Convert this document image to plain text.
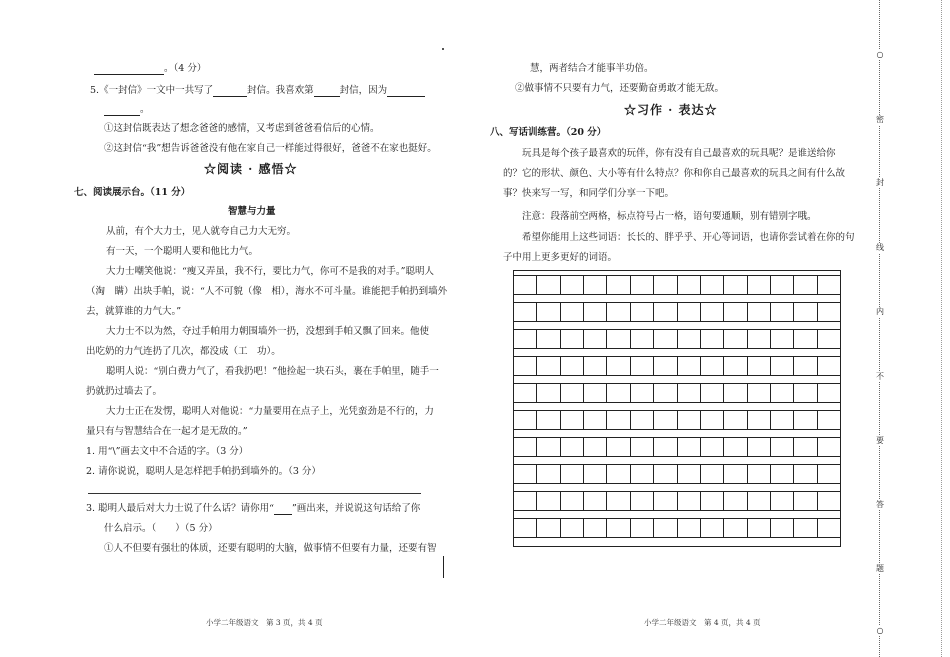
。（4 分）
5.《一封信》一文中一共写了	封信。我喜欢第	封信，因为
。
①这封信既表达了想念爸爸的感情，又考虑到爸爸看信后的心情。
②这封信“我”想告诉爸爸没有他在家自己一样能过得很好，爸爸不在家也挺好。
☆阅读 · 感悟☆
七、阅读展示台。（11 分）
智慧与力量
从前，有个大力士，见人就夸自己力大无穷。
有一天，一个聪明人要和他比力气。
大力士嘲笑他说：“瘦又弄虽，我不行，要比力气，你可不是我的对手。”聪明人
（淘　瞒）出块手帕，说：“人不可貌（像　相），海水不可斗量。谁能把手帕扔到墙外
去，就算谁的力气大。”
大力士不以为然，夺过手帕用力朝围墙外一扔，没想到手帕又飘了回来。他使
出吃奶的力气连扔了几次，都没成（工　功）。
聪明人说：“别白费力气了，看我扔吧！”他捡起一块石头，裹在手帕里，随手一
扔就扔过墙去了。
大力士正在发愣，聪明人对他说：“力量要用在点子上，光凭蛮劲是不行的，力
量只有与智慧结合在一起才是无敌的。”
1. 用“\”画去文中不合适的字。（3 分）
2. 请你说说，聪明人是怎样把手帕扔到墙外的。（3 分）
3. 聪明人最后对大力士说了什么话？请你用“ ”画出来，并说说这句话给了你
什么启示。（　　）（5 分）
①人不但要有强壮的体质，还要有聪明的大脑，做事情不但要有力量，还要有智
小学二年级语文　第 3 页，共 4 页
慧，两者结合才能事半功倍。
②做事情不只要有力气，还要勤奋勇敢才能无敌。
☆习作 · 表达☆
八、写话训练营。（20 分）
玩具是每个孩子最喜欢的玩伴，你有没有自己最喜欢的玩具呢？是谁送给你
的？它的形状、颜色、大小等有什么特点？你和你自己最喜欢的玩具之间有什么故
事？快来写一写，和同学们分享一下吧。
注意：段落前空两格，标点符号占一格，语句要通顺，别有错别字哦。
希望你能用上这些词语：长长的、胖乎乎、开心等词语，也请你尝试着在你的句
子中用上更多更好的词语。
小学二年级语文　第 4 页，共 4 页
○
密
封
线
内
不
要
答
题
○
